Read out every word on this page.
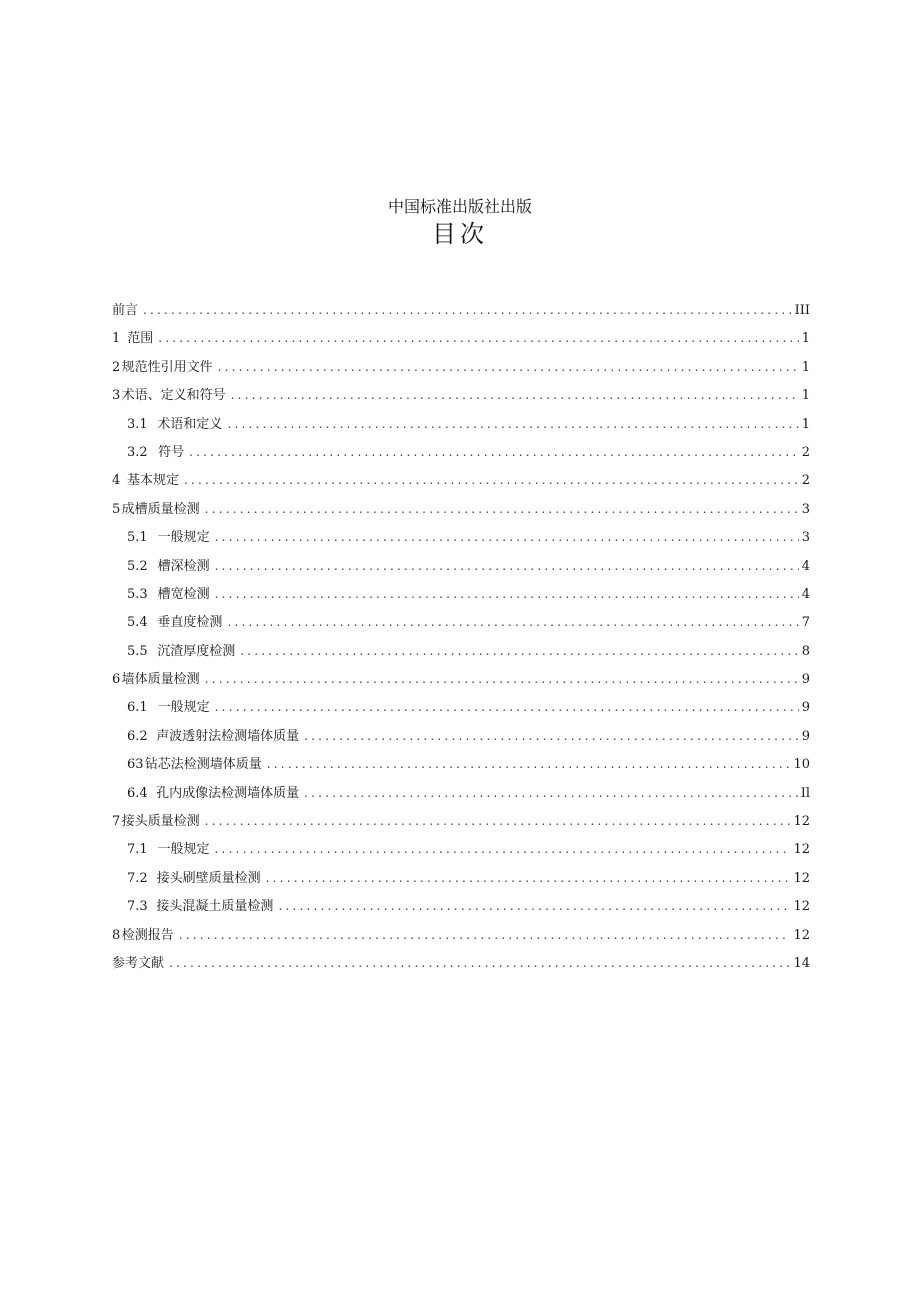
中国标准出版社出版
目次
前言 .....	III
1 范围 .....	1
2 规范性引用文件 .....	1
3 术语、定义和符号 .....	1
3.1 术语和定义 .....	1
3.2 符号 .....	2
4 基本规定 .....	2
5 成槽质量检测 .....	3
5.1 一般规定 .....	3
5.2 槽深检测 .....	4
5.3 槽宽检测 .....	4
5.4 垂直度检测 .....	7
5.5 沉渣厚度检测 .....	8
6 墙体质量检测 .....	9
6.1 一般规定 .....	9
6.2 声波透射法检测墙体质量 .....	9
63 钻芯法检测墙体质量 .....	10
6.4 孔内成像法检测墙体质量 .....	Il
7 接头质量检测 .....	12
7.1 一般规定 .....	12
7.2 接头刷壁质量检测 .....	12
7.3 接头混凝土质量检测 .....	12
8 检测报告 .....	12
参考文献 .....	14
